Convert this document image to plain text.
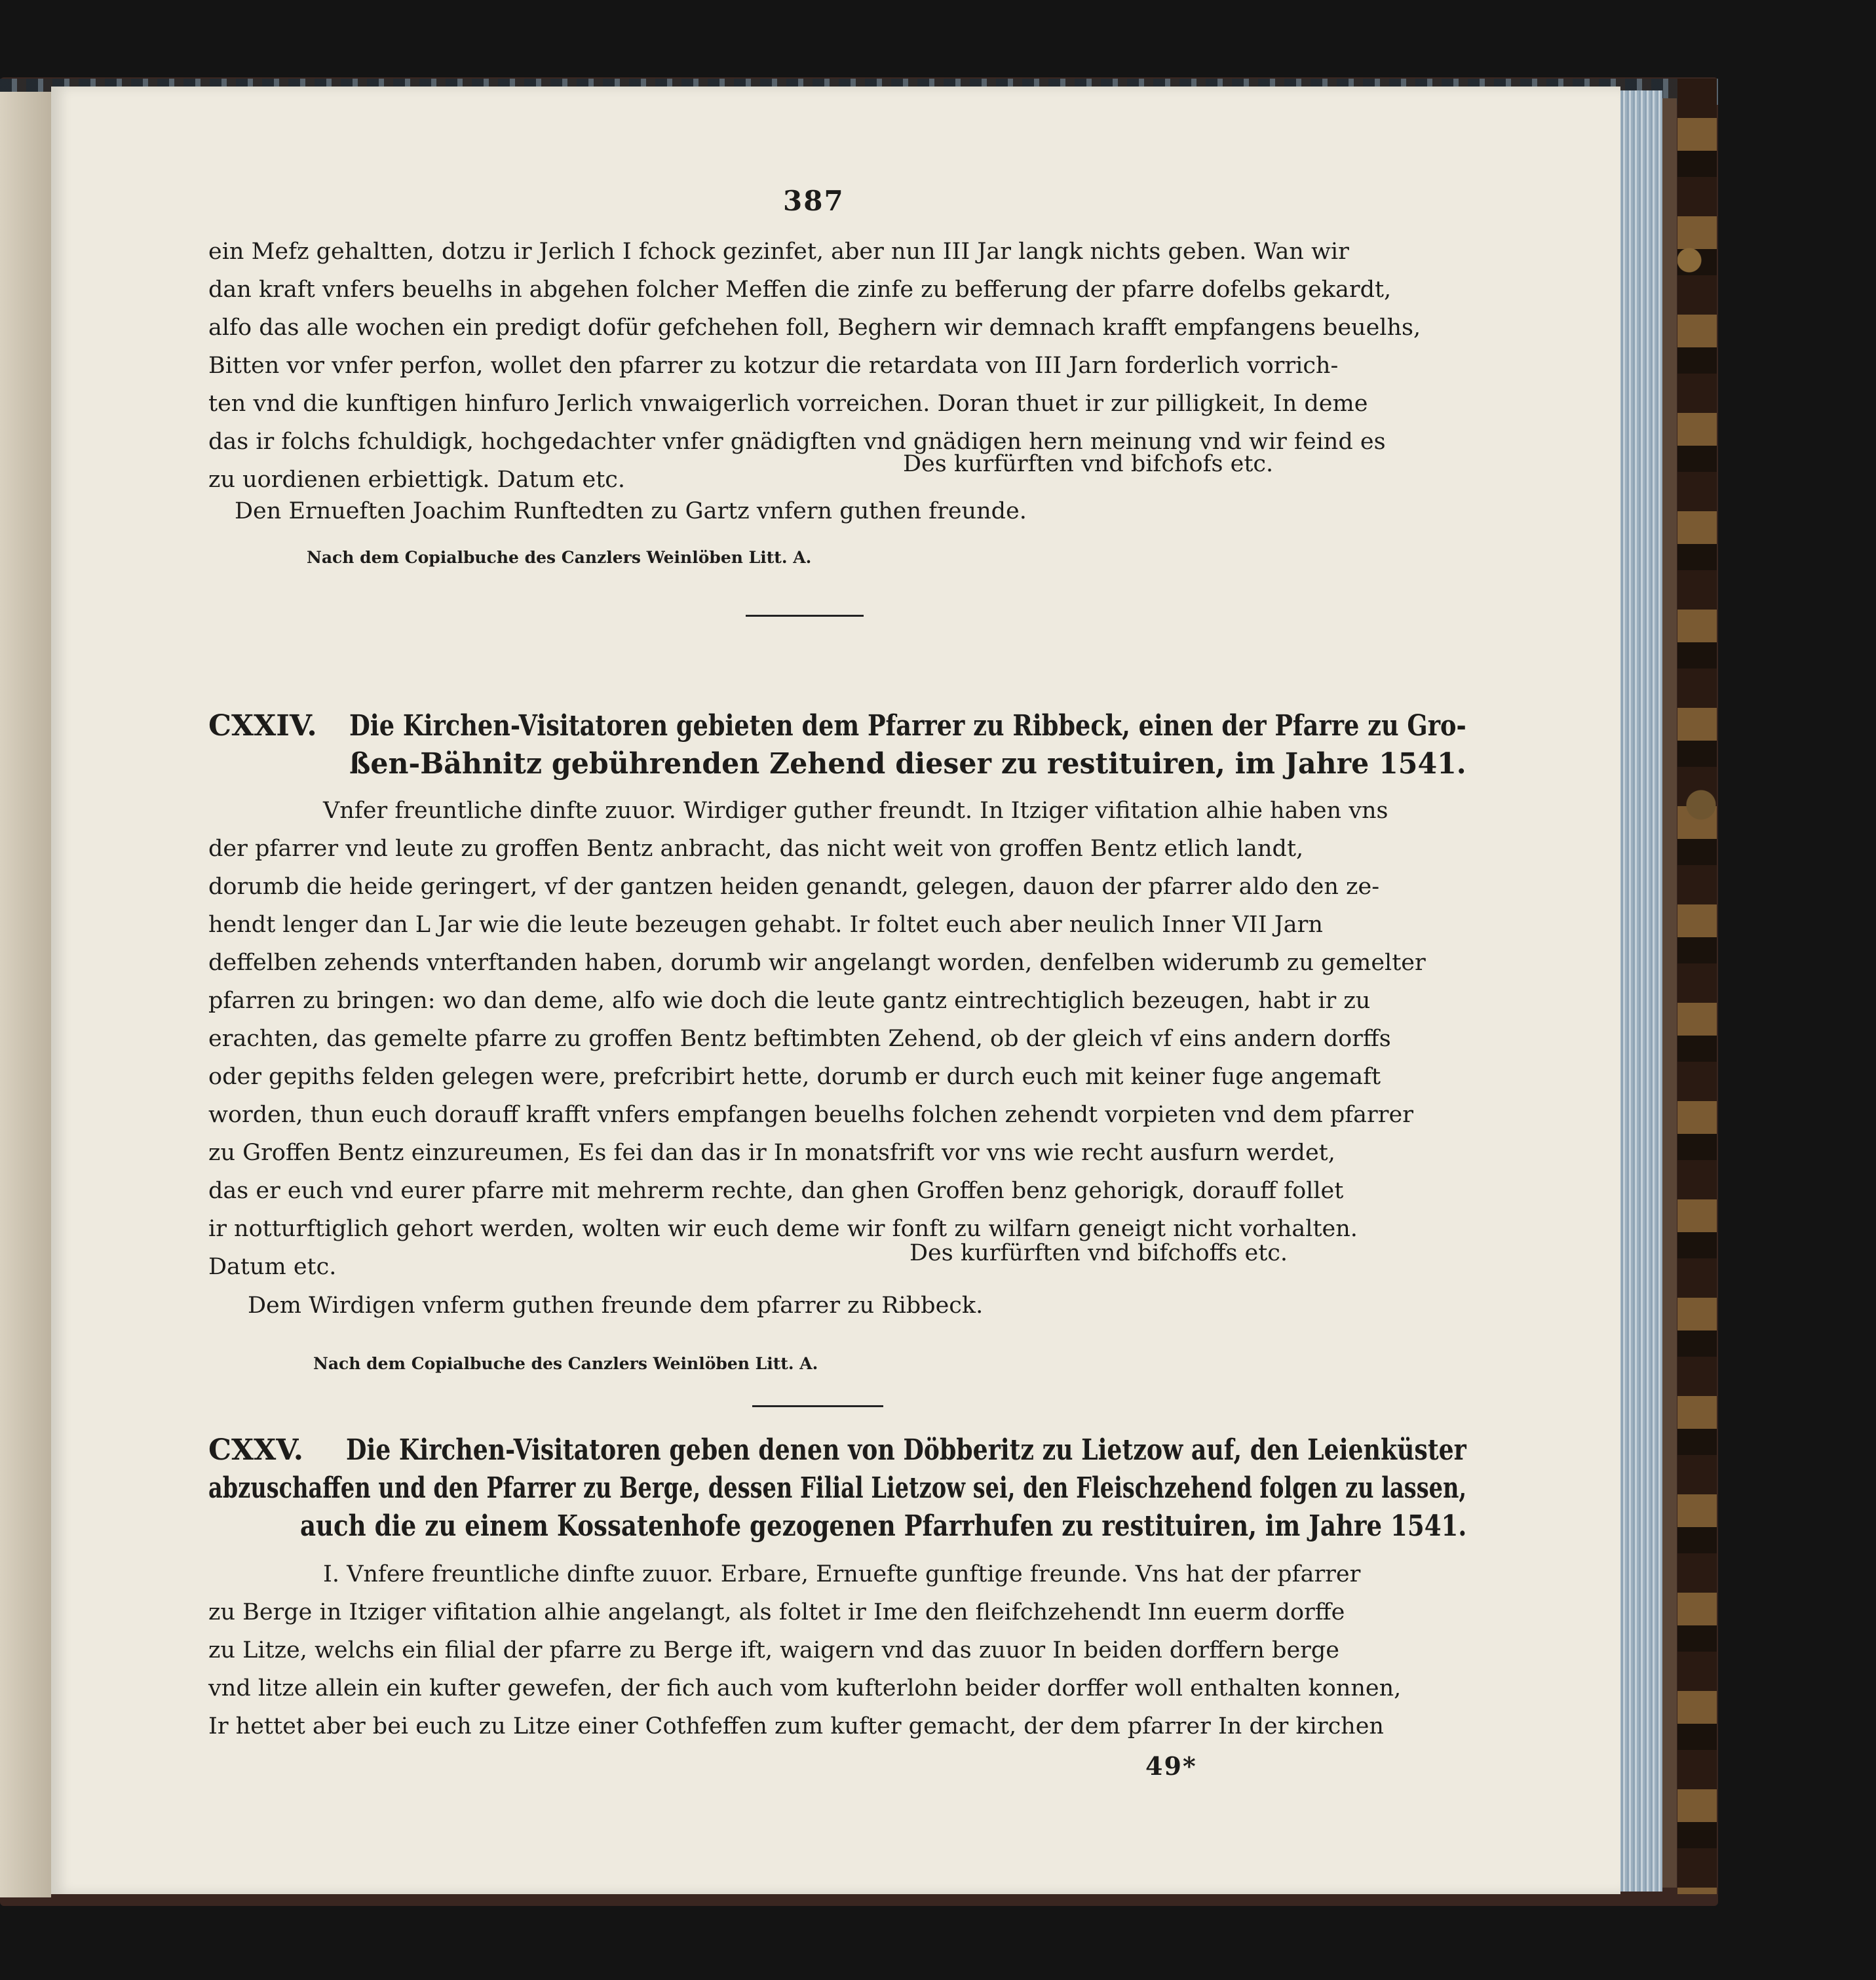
387
ein Mefz gehaltten, dotzu ir Jerlich I fchock gezinfet, aber nun III Jar langk nichts geben. Wan wir
dan kraft vnfers beuelhs in abgehen folcher Meffen die zinfe zu befferung der pfarre dofelbs gekardt,
alfo das alle wochen ein predigt dofür gefchehen foll, Beghern wir demnach krafft empfangens beuelhs,
Bitten vor vnfer perfon, wollet den pfarrer zu kotzur die retardata von III Jarn forderlich vorrich-
ten vnd die kunftigen hinfuro Jerlich vnwaigerlich vorreichen. Doran thuet ir zur pilligkeit, In deme
das ir folchs fchuldigk, hochgedachter vnfer gnädigften vnd gnädigen hern meinung vnd wir feind es
zu uordienen erbiettigk. Datum etc.
Des kurfürften vnd bifchofs etc.
Den Ernueften Joachim Runftedten zu Gartz vnfern guthen freunde.
Nach dem Copialbuche des Canzlers Weinlöben Litt. A.
CXXIV. Die Kirchen-Visitatoren gebieten dem Pfarrer zu Ribbeck, einen der Pfarre zu Gro-
ßen-Bähnitz gebührenden Zehend dieser zu restituiren, im Jahre 1541.
Vnfer freuntliche dinfte zuuor. Wirdiger guther freundt. In Itziger vifitation alhie haben vns
der pfarrer vnd leute zu groffen Bentz anbracht, das nicht weit von groffen Bentz etlich landt,
dorumb die heide geringert, vf der gantzen heiden genandt, gelegen, dauon der pfarrer aldo den ze-
hendt lenger dan L Jar wie die leute bezeugen gehabt. Ir foltet euch aber neulich Inner VII Jarn
deffelben zehends vnterftanden haben, dorumb wir angelangt worden, denfelben widerumb zu gemelter
pfarren zu bringen: wo dan deme, alfo wie doch die leute gantz eintrechtiglich bezeugen, habt ir zu
erachten, das gemelte pfarre zu groffen Bentz beftimbten Zehend, ob der gleich vf eins andern dorffs
oder gepiths felden gelegen were, prefcribirt hette, dorumb er durch euch mit keiner fuge angemaft
worden, thun euch dorauff krafft vnfers empfangen beuelhs folchen zehendt vorpieten vnd dem pfarrer
zu Groffen Bentz einzureumen, Es fei dan das ir In monatsfrift vor vns wie recht ausfurn werdet,
das er euch vnd eurer pfarre mit mehrerm rechte, dan ghen Groffen benz gehorigk, dorauff follet
ir notturftiglich gehort werden, wolten wir euch deme wir fonft zu wilfarn geneigt nicht vorhalten.
Datum etc.
Des kurfürften vnd bifchoffs etc.
Dem Wirdigen vnferm guthen freunde dem pfarrer zu Ribbeck.
Nach dem Copialbuche des Canzlers Weinlöben Litt. A.
CXXV. Die Kirchen-Visitatoren geben denen von Döbberitz zu Lietzow auf, den Leienküster
abzuschaffen und den Pfarrer zu Berge, dessen Filial Lietzow sei, den Fleischzehend folgen zu lassen,
auch die zu einem Kossatenhofe gezogenen Pfarrhufen zu restituiren, im Jahre 1541.
I. Vnfere freuntliche dinfte zuuor. Erbare, Ernuefte gunftige freunde. Vns hat der pfarrer
zu Berge in Itziger vifitation alhie angelangt, als foltet ir Ime den fleifchzehendt Inn euerm dorffe
zu Litze, welchs ein filial der pfarre zu Berge ift, waigern vnd das zuuor In beiden dorffern berge
vnd litze allein ein kufter gewefen, der fich auch vom kufterlohn beider dorffer woll enthalten konnen,
Ir hettet aber bei euch zu Litze einer Cothfeffen zum kufter gemacht, der dem pfarrer In der kirchen
49*
